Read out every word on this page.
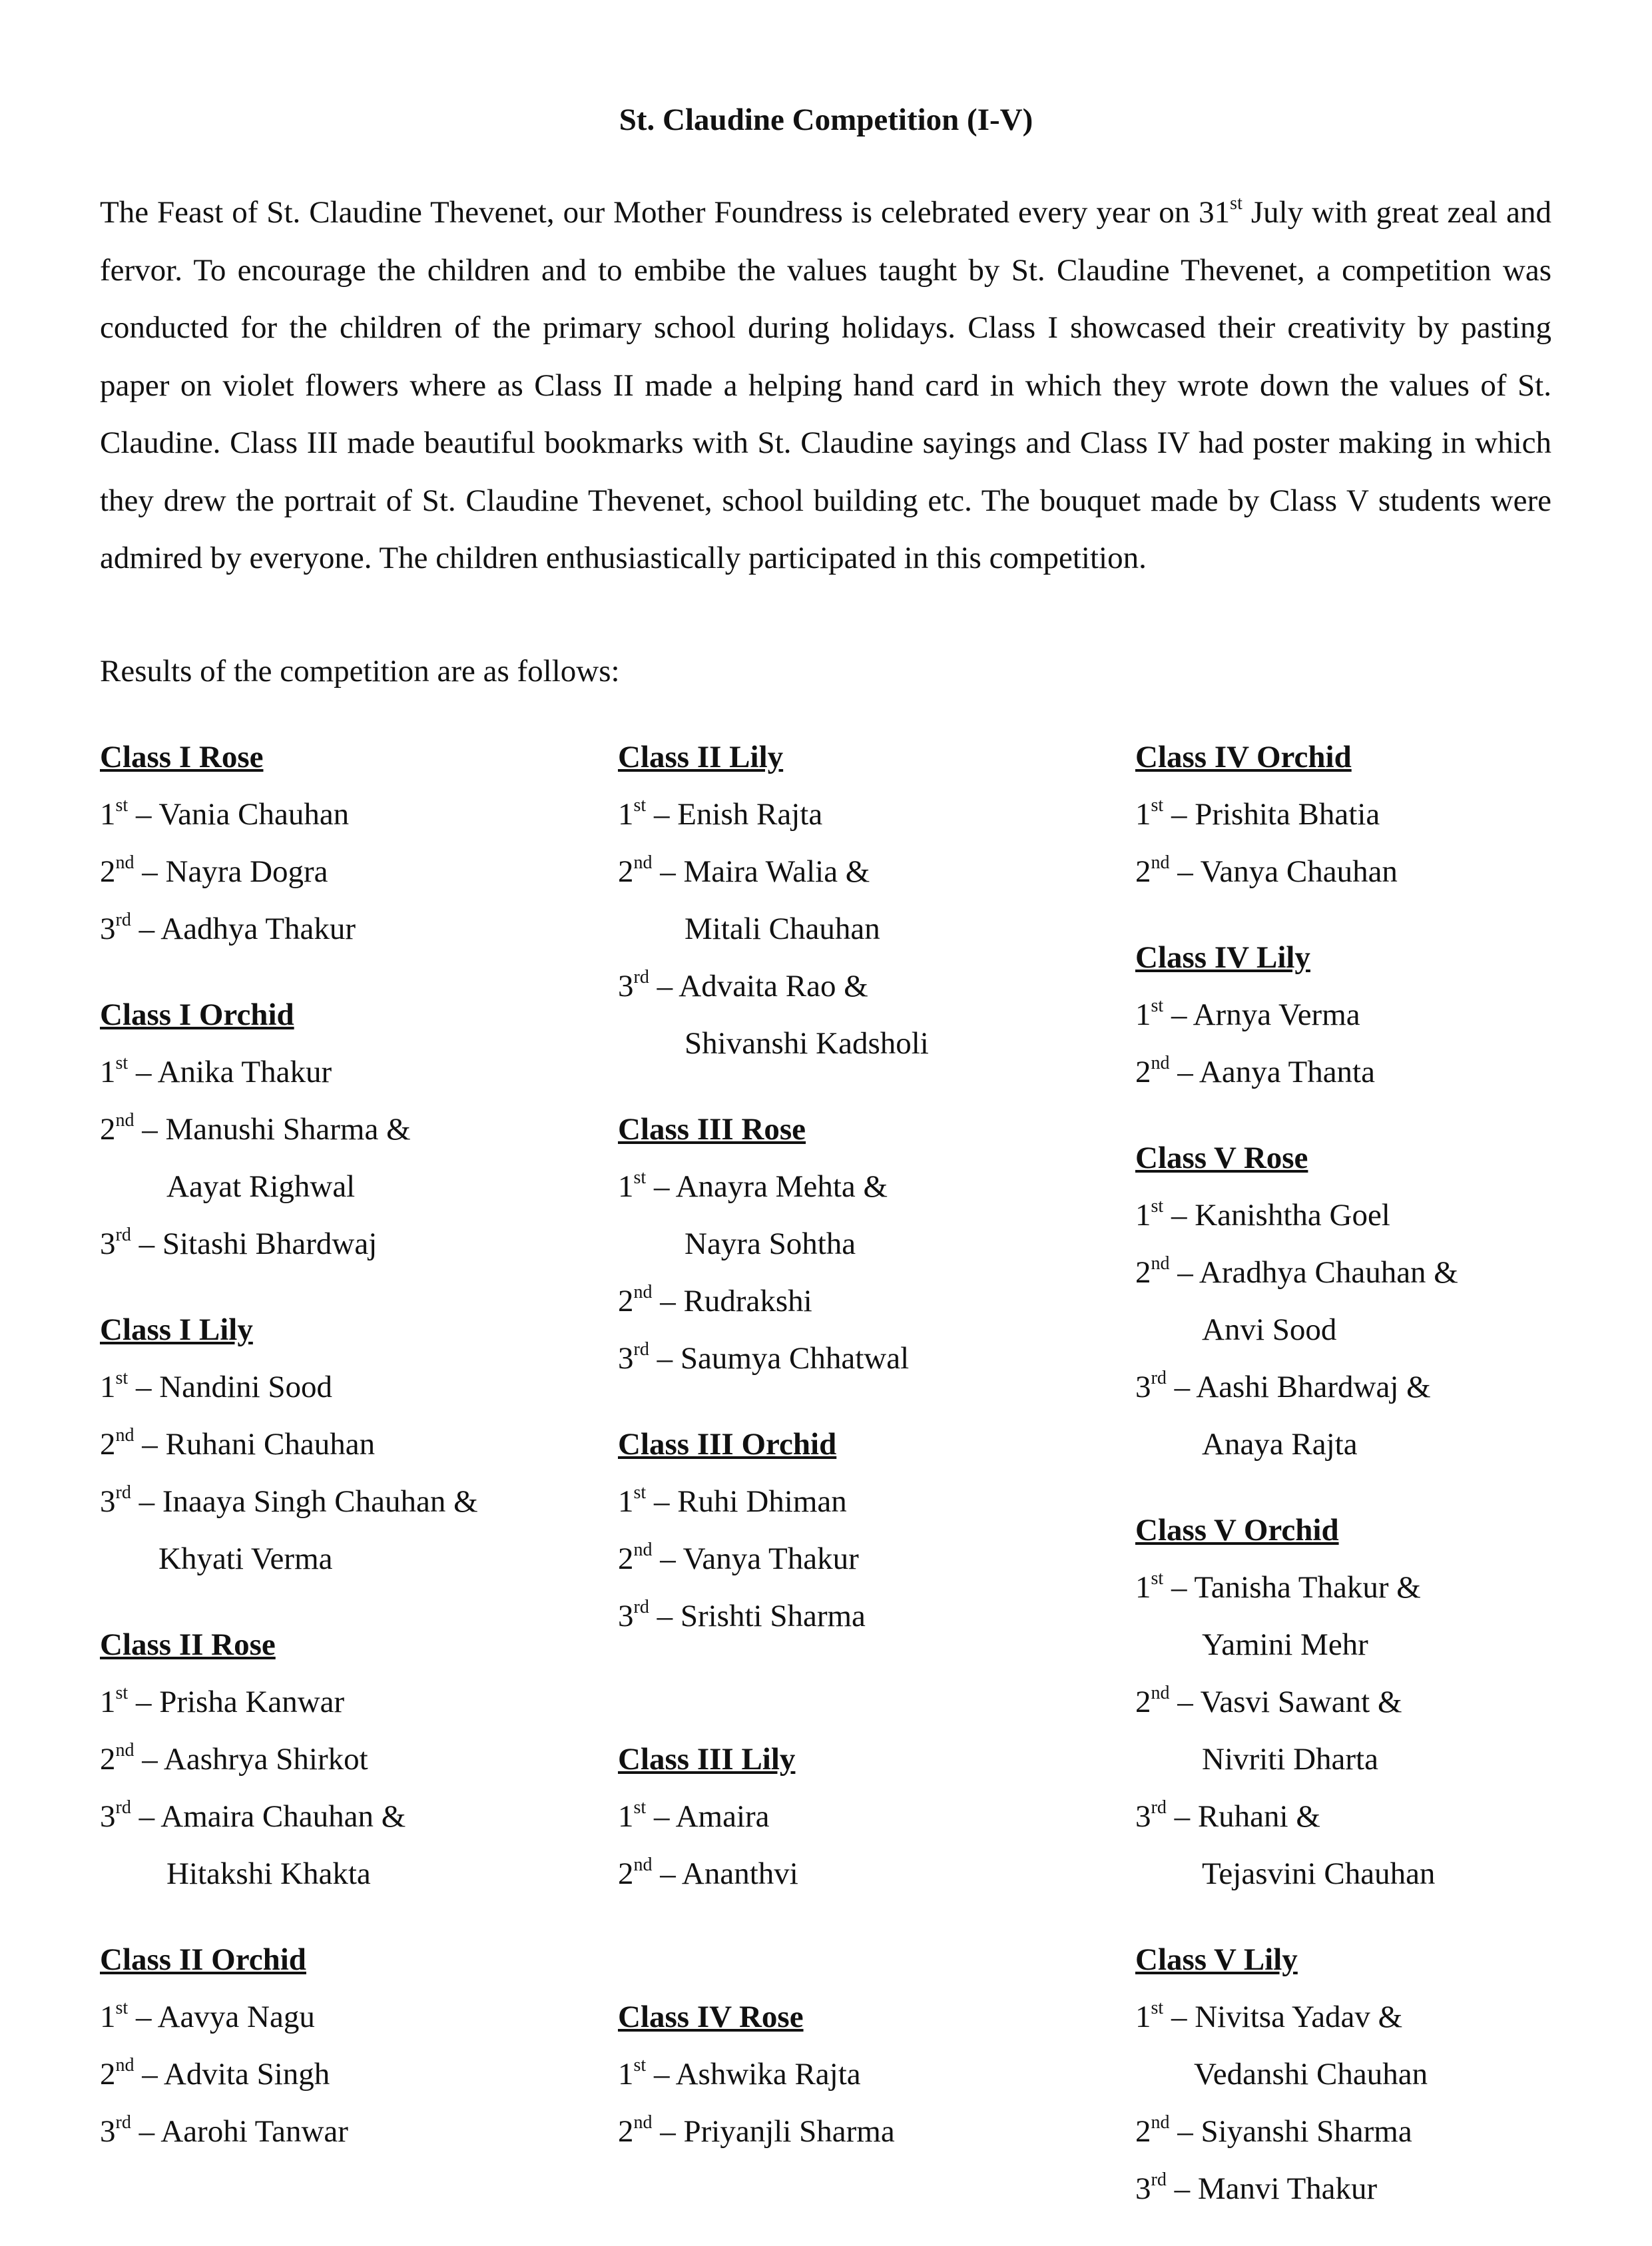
St. Claudine Competition (I-V)

The Feast of St. Claudine Thevenet, our Mother Foundress is celebrated every year on 31st July with great zeal and fervor. To encourage the children and to embibe the values taught by St. Claudine Thevenet, a competition was conducted for the children of the primary school during holidays. Class I showcased their creativity by pasting paper on violet flowers where as Class II made a helping hand card in which they wrote down the values of St. Claudine. Class III made beautiful bookmarks with St. Claudine sayings and Class IV had poster making in which they drew the portrait of St. Claudine Thevenet, school building etc. The bouquet made by Class V students were admired by everyone. The children enthusiastically participated in this competition.

Results of the competition are as follows:

Class I Rose

1st – Vania Chauhan

2nd – Nayra Dogra

3rd – Aadhya Thakur

Class I Orchid

1st – Anika Thakur

2nd – Manushi Sharma &

Aayat Righwal

3rd – Sitashi Bhardwaj

Class I Lily

1st – Nandini Sood

2nd – Ruhani Chauhan

3rd – Inaaya Singh Chauhan &

Khyati Verma

Class II Rose

1st – Prisha Kanwar

2nd – Aashrya Shirkot

3rd – Amaira Chauhan &

Hitakshi Khakta

Class II Orchid

1st – Aavya Nagu

2nd – Advita Singh

3rd – Aarohi Tanwar

Class II Lily

1st – Enish Rajta

2nd – Maira Walia &

Mitali Chauhan

3rd – Advaita Rao &

Shivanshi Kadsholi

Class III Rose

1st – Anayra Mehta &

Nayra Sohtha

2nd – Rudrakshi

3rd – Saumya Chhatwal

Class III Orchid

1st – Ruhi Dhiman

2nd – Vanya Thakur

3rd – Srishti Sharma

Class III Lily

1st – Amaira

2nd – Ananthvi

Class IV Rose

1st – Ashwika Rajta

2nd – Priyanjli Sharma

Class IV Orchid

1st – Prishita Bhatia

2nd – Vanya Chauhan

Class IV Lily

1st – Arnya Verma

2nd – Aanya Thanta

Class V Rose

1st – Kanishtha Goel

2nd – Aradhya Chauhan &

Anvi Sood

3rd – Aashi Bhardwaj &

Anaya Rajta

Class V Orchid

1st – Tanisha Thakur &

Yamini Mehr

2nd – Vasvi Sawant &

Nivriti Dharta

3rd – Ruhani &

Tejasvini Chauhan

Class V Lily

1st – Nivitsa Yadav &

Vedanshi Chauhan

2nd – Siyanshi Sharma

3rd – Manvi Thakur
